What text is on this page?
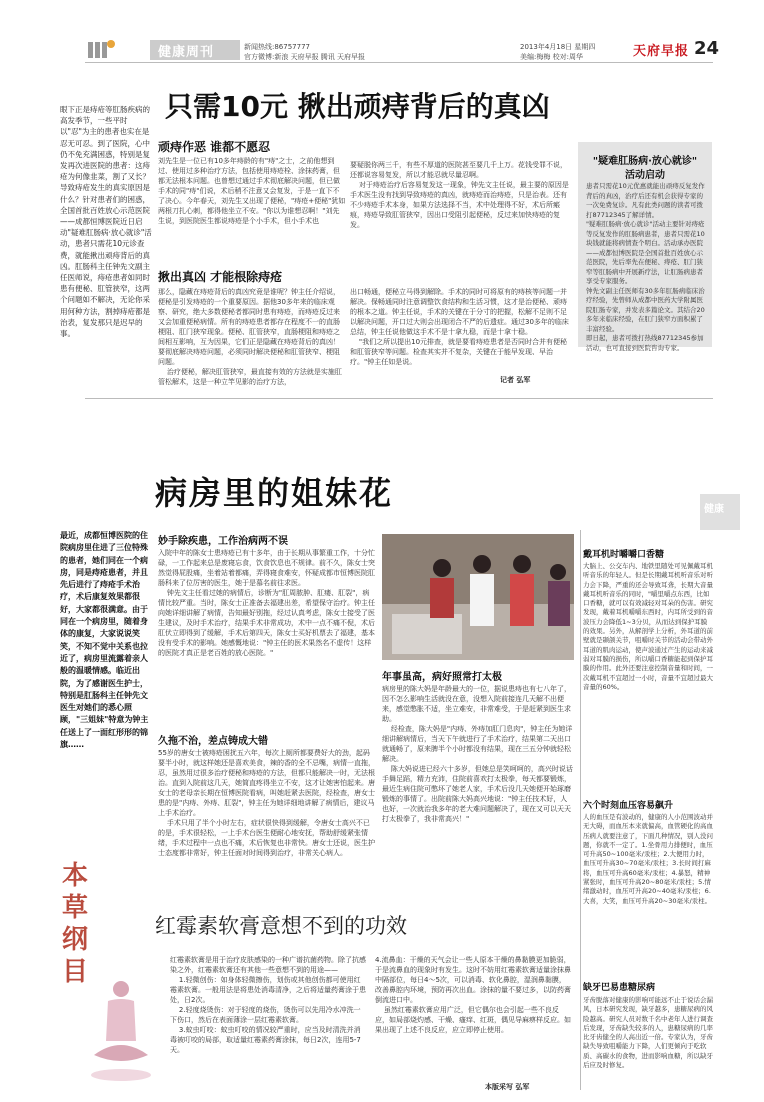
健康周刊	新闻热线:86757777
官方微博:新浪 天府早报 腾讯 天府早报
2013年4月18日 星期四
美编:梅梅 校对:周华	天府早报 24
眼下正是痔疮等肛肠疾病的高发季节，一些平时以"忍"为主的患者也实在是忍无可忍。到了医院，心中仍不免充满困惑，特别是复发再次进医院的患者：这痔疮为何像韭菜，割了又长？导致痔疮发生的真实原因是什么？针对患者们的困惑，全国首批百姓放心示范医院——成都恒博医院近日启动"疑难肛肠病·放心就诊"活动，患者只需花10元诊查费，就能揪出顽痔背后的真凶。肛肠科主任钟先文副主任医师说，痔疮患者如同时患有便秘、肛管狭窄，这两个问题如不解决，无论你采用何种方法，割掉痔疮都是治表，复发那只是迟早的事。
只需10元 揪出顽痔背后的真凶
顽痔作恶 谁都不愿忍
刘先生是一位已有10多年痔龄的有"痔"之士，之前他想到过、使用过多种治疗方法，包括使用痔疮栓、涂抹药膏，但都无法根本问题。也曾想过通过手术彻底解决问题，但已做手术的同"痔"们说，术后稍不注意又会复发，于是一直下不了决心。今年春天，刘先生又出现了便秘，"痔疮+便秘"犹如两根刀扎心刺，都得他坐立不安。"你以为谁想忍啊！"刘先生说，到医院医生都说痔疮是个小手术，但小手术也
要疑脱你两三千，有些不厚道的医院甚至要几千上万。花钱受罪不说，还都说容易复发，所以才能忍就尽量忍啊。
对于痔疮治疗后容易复发这一现象，钟先文主任说，最主要的原因是手术医生没有找到导致痔疮的真凶，就痔疮而治痔疮，只是治表。还有不少痔疮手术本身，如果方法选择不当，术中处理得不好，术后所瘢痕，痔疮导致肛管狭窄，因出口受阻引起便秘，反过来加快痔疮的复发。
揪出真凶 才能根除痔疮
那么，隐藏在痔疮背后的真凶究竟是谁呢？钟主任介绍说，便秘是引发痔疮的一个重要原因。据他30多年来的临床观察、研究，绝大多数便秘者都同时患有痔疮，而痔疮反过来又会加重便秘病情。所有的痔疮患者都存在程度不一的直肠梗阻、肛门狭窄现象。便秘、肛管狭窄，直肠梗阻和痔疮之间相互影响，互为因果，它们正是隐藏在痔疮背后的真凶！要彻底解决痔疮问题，必须同时解决便秘和肛管狭窄、梗阻问题。
治疗便秘，解决肛管狭窄，最直接有效的方法就是实施肛管松解术，这是一种立竿见影的治疗方法，
出口畅通，便秘立马得到解除。手术的同时可将原有的痔核等问题一并解决。保畅通同时注意调整饮食结构和生活习惯，这才是治便秘、顽痔的根本之道。钟主任说，手术的关键在于分寸的把握，松解不足则不足以解决问题，开口过大则会出现闭合不严的后遗症。通过30多年的临床总结，钟主任说他做这手术不是十拿九稳，而是十拿十稳。
"我们之所以提出10元排查，就是要看痔疮患者是否同时合并有便秘和肛管狭窄等问题。检查其实并不复杂，关键在于能早发现、早治疗。"钟主任如是说。
记者 弘军
"疑难肛肠病·放心就诊"
活动启动
患者只需花10元优惠就能出顽痔反复发作背后的真凶，治疗后还有机会获得专家的一次免费复诊。凡有此类问题的读者可拨打87712345了解详情。
"疑难肛肠病·放心就诊"活动主要针对痔疮等反复发作的肛肠病患者，患者只需花10块钱就能将病情查个明白。活动承办医院——成都恒博医院是全国首批百姓放心示范医院，先后率先在便秘、痔疮、肛门狭窄等肛肠病中开展新疗法，让肛肠病患者享受专家服务。
钟先文副主任医师有30多年肛肠病临床治疗经验，先曾师从成都中医药大学附属医院肛肠专家，并发表多篇论文。其结合20多年来临床经验，在肛门狭窄方面积累了丰富经验。
即日起，患者可拨打热线87712345参加活动，也可直接到医院咨询专家。
病房里的姐妹花	健康
最近，成都恒博医院的住院病房里住进了三位特殊的患者，她们同在一个病房，同是痔疮患者，并且先后进行了痔疮手术治疗，术后康复效果都很好，大家都很满意。由于同在一个病房里，随着身体的康复，大家说说笑笑，不知不觉中关系也拉近了，病房里流露着亲人般的温暖情感。临近出院，为了感谢医生护士，特别是肛肠科主任钟先文医生对她们的悉心照顾，"三姐妹"特意为钟主任送上了一面红形形的锦旗……
妙手除疾患，工作治病两不误
入院中年的陈女士患痔疮已有十多年，由于长期从事繁重工作，十分忙碌，一工作起来总是废寝忘食，饮食饮息也不规律。前不久，陈女士突然觉得屁股痛，坐着站着都痛，弄得寝食难安，怀疑成都市恒博医院肛肠科来了位厉害的医生，她于是慕名前往求医。
钟先文主任看过她的病情后，诊断为"肛周脓肿、肛瘘、肛裂"，病情比较严重。当时，陈女士正准备去福建出差，希望保守治疗。钟主任向她详细讲解了病情，告知最好别拖，经过认真考虑，陈女士接受了医生建议，及时手术治疗，结果手术非常成功，术中一点不痛不倪，术后肛伏立即得到了缓解，手术后第四天，陈女士买好机票去了福建，基本没有受手术的影响。她感慨地说："钟主任的医术果然名不虚传！这样的医院才真正是老百姓的放心医院。"
久拖不治，差点铸成大错
55岁的唐女士被痔疮困扰五六年，每次上厕所都要费好大的劲，起码要半小时，就这样她还是喜欢美食，辣的香的全不忌嘴，病情一直拖，忍，虽然用过很多治疗便秘和痔疮的方法，但都只能解决一时，无法根治。直到入院前这几天，她简直疼得坐立不安，这才让她害怕起来。唐女士的老母亲长期在恒博医院看病，叫她赶紧去医院，经检查，唐女士患的是"内痔、外痔、肛裂"，钟主任为她详细地讲解了病情后，建议马上手术治疗。
手术只用了半个小时左右，症状很快得到缓解，令唐女士高兴不已的是，手术很轻松，一上手术台医生便耐心地安抚，帮助舒缓紧张情绪，手术过程中一点也不痛，术后恢复也非常快。唐女士还说，医生护士态度都非常好，钟主任面对时间得到治疗，非常关心病人。
年事虽高，病好照常打太极
病房里的陈大妈是年龄最大的一位，据说患痔也有七八年了，因不怎么影响生活就没在意，没想入院前接连几天解不出便来，感觉憋胀不适，坐立难安，非常难受，于是赶紧到医生求助。
经检查，陈大妈是"内痔、外痔加肛门息肉"，钟主任为她详细讲解病情后，当天下午就进行了手术治疗，结果第二天出口就通畅了，原来脾半个小时都没有结果，现在三五分钟就轻松解决。
陈大妈说进已经六十多岁，但她总是笑呵呵的，高兴时说话手舞足蹈，精力充沛，住院前喜欢打太极拳，每天都要锻炼，最近生病住院可憋坏了她老人家，手术后没几天她便开始琢磨锻炼的事情了。出院前陈大妈高兴地说："钟主任技术好，人也好，一次就治我多年的老大难问题解决了，现在又可以天天打太极拳了，我非常高兴！"
戴耳机时嚼嚼口香糖
大脑上、公交车内、地铁里随处可见佩戴耳机听音乐的年轻人。但是长期戴耳机听音乐对听力会下降，严重的还会导致耳聋，长期大音量戴耳机听音乐的同时，"嚼里嚼点东西，比如口香糖，就可以有效减轻对耳朵的伤害。研究发现，戴着耳机嚼嚼东西时，内耳所受到的音波压力会降低1~3分贝，从而达到保护耳膜的效果。另外，从解剖学上分析，外耳道的前壁就是颞颌关节，咀嚼时关节的活动会带动外耳道的肌肉运动，使声波通过产生的运动来减弱对耳膜的损伤，所以嚼口香糖能起到保护耳膜的作用。此外还要注意控制音量和时间，一次戴耳机不宜超过一小时，音量不宜超过最大音量的60%。
六个时刻血压容易飙升
人的血压是有波动的，健康的人小范围波动并无大碍，而血压本来就偏高，血管硬化的高血压病人就要注意了，下面几种情况，别人没问题，你就不一定了。1.坐骨用力排便时，血压可升高50~100毫米/汞柱；2.大便用力时，血压可升高30~70毫米/汞柱；3.长时间打麻将，血压可升高60毫米/汞柱；4.暴怒，精神紧张时，血压可升高20~80毫米/汞柱；5.情绪激动时，血压可升高20~40毫米/汞柱；6.大喜，大笑，血压可升高20~30毫米/汞柱。
缺牙巴易患糖尿病
牙齿脱落对健康的影响可能远不止于说话会漏风，日本研究发现，缺牙越多，患糖尿病的风险越高。研究人员对数千名中老年人进行调查后发现，牙齿缺失较多的人，患糖尿病的几率比牙齿健全的人高出近一倍。专家认为，牙齿缺失导致咀嚼能力下降，人们更倾向于吃软质、高碳水的食物，进而影响血糖，所以缺牙后应及时修复。
本草纲目
红霉素软膏意想不到的功效
红霉素软膏是用于治疗皮肤感染的一种广谱抗菌药物。除了抗感染之外，红霉素软膏还有其他一些意想不到的用途——
1.轻微创伤：如身体轻微擦伤，划伤或其他创伤都可使用红霉素软膏。一般用法是将患处消毒清净，之后将适量药膏涂于患处，日2次。
2.轻度烧烫伤：对于轻度的烧伤，烫伤可以先用冷水冲洗一下伤口，然后在表面薄涂一层红霉素软膏。
3.蚊虫叮咬：蚊虫叮咬的情况较严重时，应当及时清洗并消毒被叮咬的局部，取适量红霉素药膏涂抹，每日2次，连用5-7天。
4.流鼻血：干燥的天气会让一些人原本干燥的鼻黏膜更加脆弱，于是流鼻血的现象时有发生。这时不妨用红霉素软膏适量涂抹鼻中隔部位，每日4～5次，可以消毒、软化鼻腔，湿润鼻黏膜，改善鼻腔内环境，预防再次出血。涂抹的量不要过多，以防药膏倒流进口中。
虽然红霉素软膏应用广泛，但它偶尔也会引起一些不良反应，如局部烧灼感、干燥、瘙痒、红斑，偶见导麻痹样反应。如果出现了上述不良反应，应立即停止使用。
本版采写 弘军
